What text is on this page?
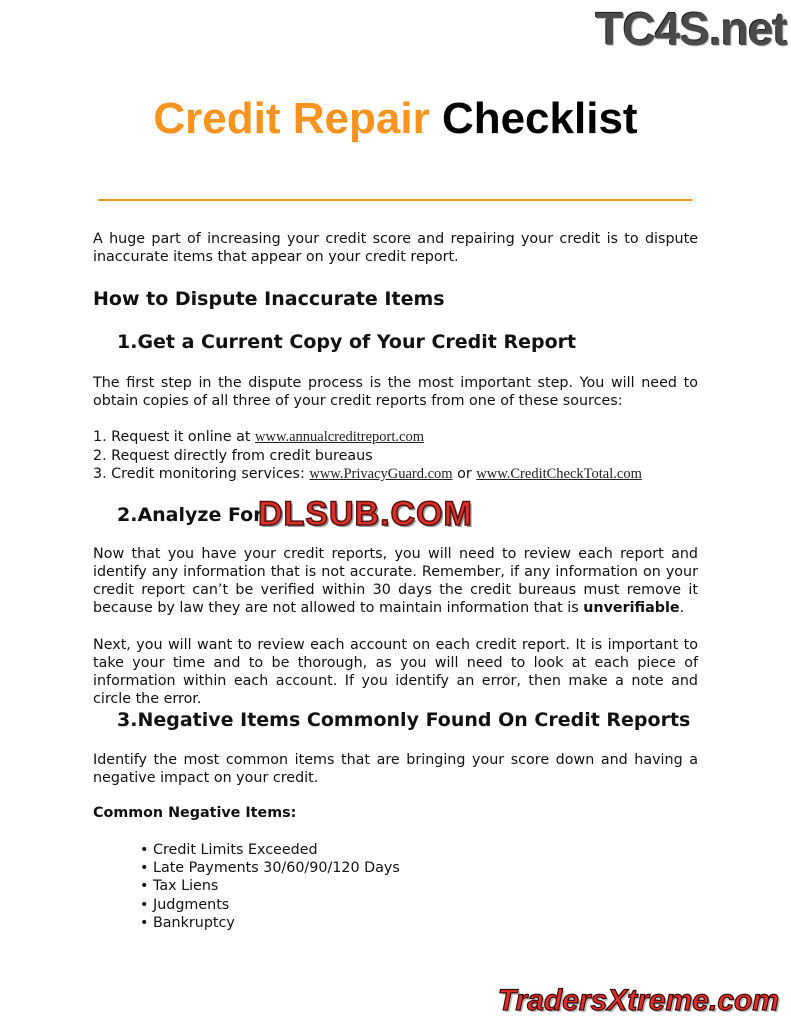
TC4S.net
Credit Repair Checklist
A huge part of increasing your credit score and repairing your credit is to dispute inaccurate items that appear on your credit report.
How to Dispute Inaccurate Items
1.Get a Current Copy of Your Credit Report
The first step in the dispute process is the most important step. You will need to obtain copies of all three of your credit reports from one of these sources:
1. Request it online at www.annualcreditreport.com
2. Request directly from credit bureaus
3. Credit monitoring services: www.PrivacyGuard.com or www.CreditCheckTotal.com
2.Analyze For
DLSUB.COM
Now that you have your credit reports, you will need to review each report and identify any information that is not accurate. Remember, if any information on your credit report can’t be verified within 30 days the credit bureaus must remove it because by law they are not allowed to maintain information that is unverifiable.
Next, you will want to review each account on each credit report. It is important to take your time and to be thorough, as you will need to look at each piece of information within each account. If you identify an error, then make a note and circle the error.
3.Negative Items Commonly Found On Credit Reports
Identify the most common items that are bringing your score down and having a negative impact on your credit.
Common Negative Items:
• Credit Limits Exceeded
• Late Payments 30/60/90/120 Days
• Tax Liens
• Judgments
• Bankruptcy
TradersXtreme.com
